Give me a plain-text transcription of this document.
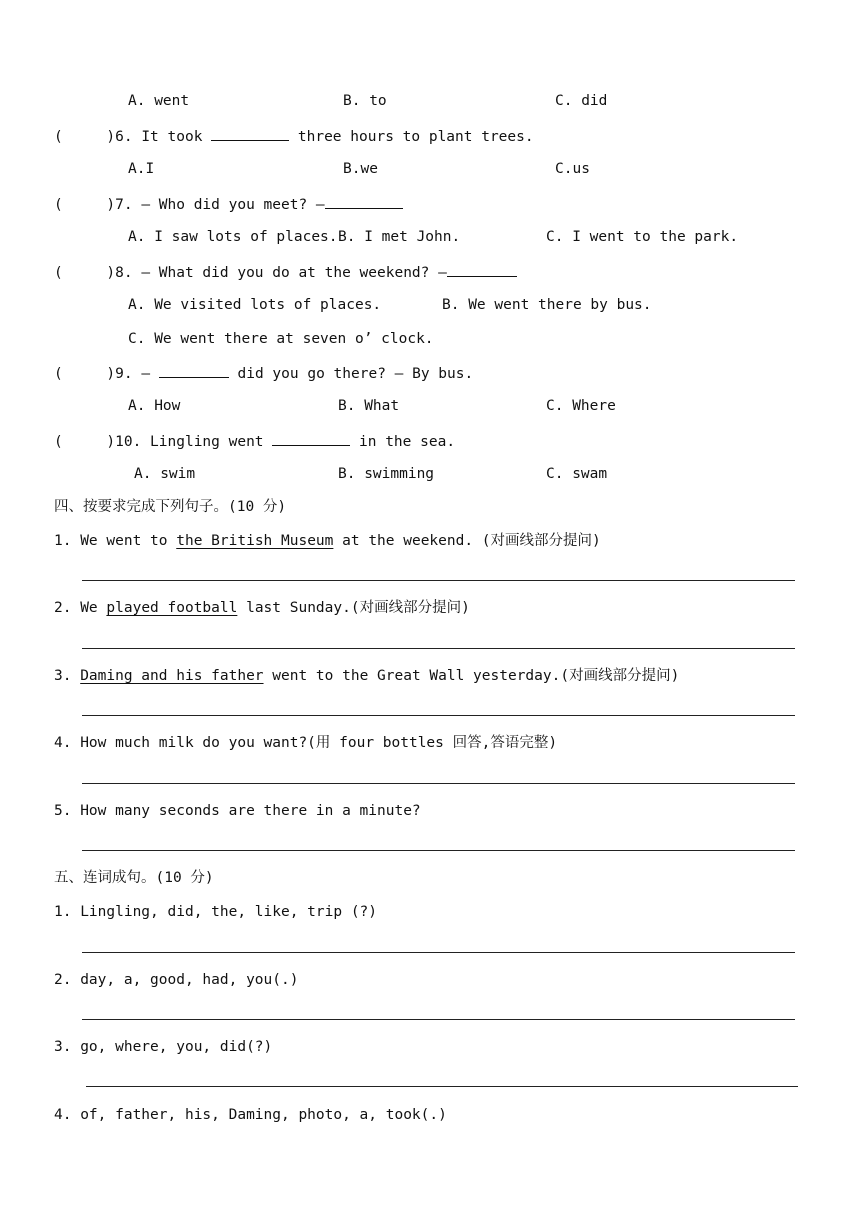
A. went	B. to	C. did
(     )6. It took	three hours to plant trees.
A.I	B.we	C.us
(     )7. — Who did you meet? —
A. I saw lots of places. B. I met John.	C. I went to the park.
(     )8. — What did you do at the weekend? —
A. We visited lots of places.	B. We went there by bus.
C. We went there at seven o’ clock.
(     )9. —	did you go there? — By bus.
A. How	B. What	C. Where
(     )10. Lingling went	in the sea.
A. swim	B. swimming	C. swam
四、按要求完成下列句子。(10 分)
1. We went to the British Museum at the weekend. (对画线部分提问)
2. We played football last Sunday.(对画线部分提问)
3. Daming and his father went to the Great Wall yesterday.(对画线部分提问)
4. How much milk do you want?(用 four bottles 回答,答语完整)
5. How many seconds are there in a minute?
五、连词成句。(10 分)
1. Lingling, did, the, like, trip (?)
2. day, a, good, had, you(.)
3. go, where, you, did(?)
4. of, father, his, Daming, photo, a, took(.)
